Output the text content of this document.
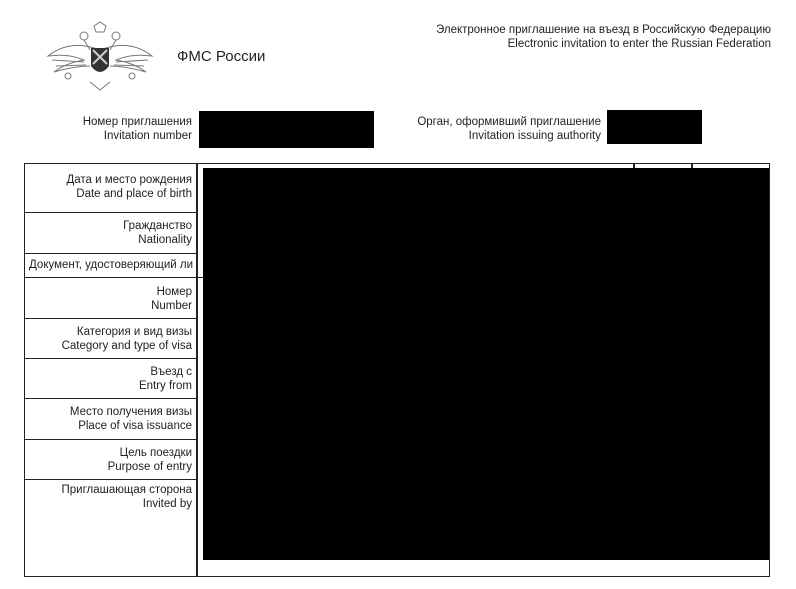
ФМС России
Электронное приглашение на въезд в Российскую Федерацию
Electronic invitation to enter the Russian Federation
Номер приглашения
Invitation number
Орган, оформивший приглашение
Invitation issuing authority
Дата и место рождения
Date and place of birth
Гражданство
Nationality
Документ, удостоверяющий ли
Номер
Number
Категория и вид визы
Category and type of visa
Въезд с
Entry from
Место получения визы
Place of visa issuance
Цель поездки
Purpose of entry
Приглашающая сторона
Invited by
